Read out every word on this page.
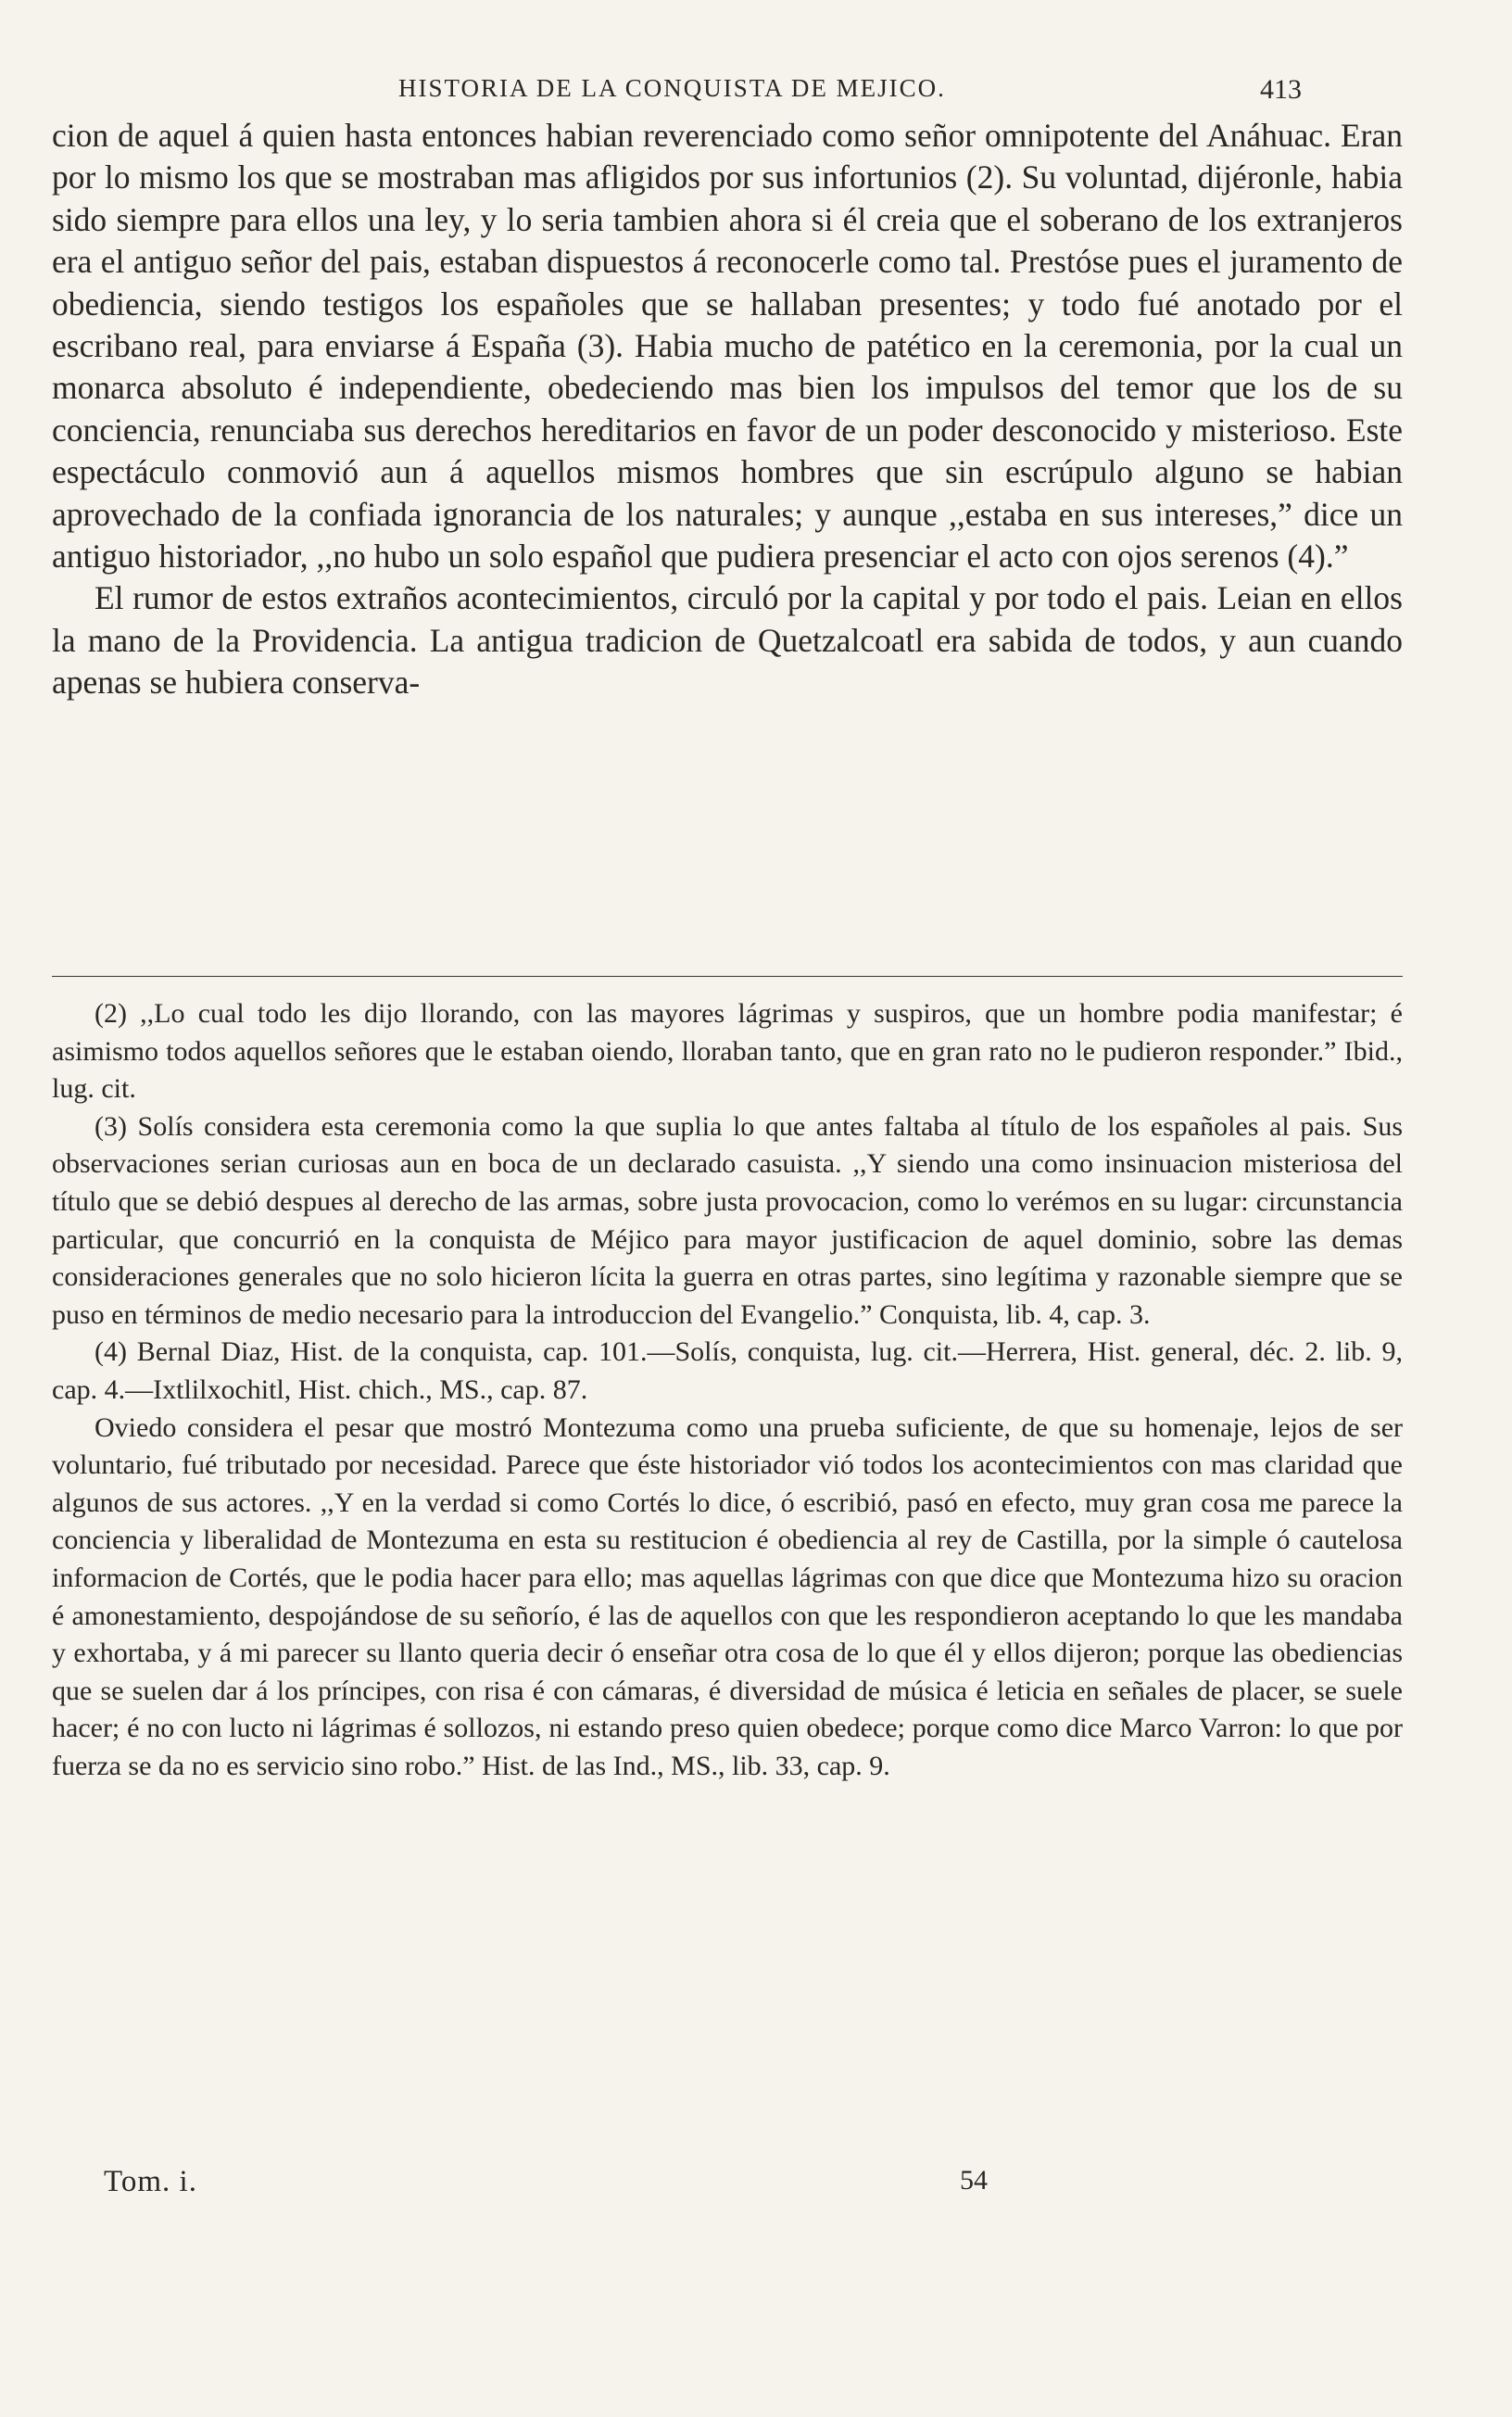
HISTORIA DE LA CONQUISTA DE MEJICO.	413

cion de aquel á quien hasta entonces habian reverenciado como señor omnipotente del Anáhuac. Eran por lo mismo los que se mostraban mas afligidos por sus infortunios (2). Su voluntad, dijéronle, habia sido siempre para ellos una ley, y lo seria tambien ahora si él creia que el soberano de los extranjeros era el antiguo señor del pais, estaban dispuestos á reconocerle como tal. Prestóse pues el juramento de obediencia, siendo testigos los españoles que se hallaban presentes; y todo fué anotado por el escribano real, para enviarse á España (3). Habia mucho de patético en la ceremonia, por la cual un monarca absoluto é independiente, obedeciendo mas bien los impulsos del temor que los de su conciencia, renunciaba sus derechos hereditarios en favor de un poder desconocido y misterioso. Este espectáculo conmovió aun á aquellos mismos hombres que sin escrúpulo alguno se habian aprovechado de la confiada ignorancia de los naturales; y aunque ,,estaba en sus intereses,” dice un antiguo historiador, ,,no hubo un solo español que pudiera presenciar el acto con ojos serenos (4).”

El rumor de estos extraños acontecimientos, circuló por la capital y por todo el pais. Leian en ellos la mano de la Providencia. La antigua tradicion de Quetzalcoatl era sabida de todos, y aun cuando apenas se hubiera conserva-

(2) ,,Lo cual todo les dijo llorando, con las mayores lágrimas y suspiros, que un hombre podia manifestar; é asimismo todos aquellos señores que le estaban oiendo, lloraban tanto, que en gran rato no le pudieron responder.” Ibid., lug. cit.

(3) Solís considera esta ceremonia como la que suplia lo que antes faltaba al título de los españoles al pais. Sus observaciones serian curiosas aun en boca de un declarado casuista. ,,Y siendo una como insinuacion misteriosa del título que se debió despues al derecho de las armas, sobre justa provocacion, como lo verémos en su lugar: circunstancia particular, que concurrió en la conquista de Méjico para mayor justificacion de aquel dominio, sobre las demas consideraciones generales que no solo hicieron lícita la guerra en otras partes, sino legítima y razonable siempre que se puso en términos de medio necesario para la introduccion del Evangelio.” Conquista, lib. 4, cap. 3.

(4) Bernal Diaz, Hist. de la conquista, cap. 101.—Solís, conquista, lug. cit.—Herrera, Hist. general, déc. 2. lib. 9, cap. 4.—Ixtlilxochitl, Hist. chich., MS., cap. 87.

Oviedo considera el pesar que mostró Montezuma como una prueba suficiente, de que su homenaje, lejos de ser voluntario, fué tributado por necesidad. Parece que éste historiador vió todos los acontecimientos con mas claridad que algunos de sus actores. ,,Y en la verdad si como Cortés lo dice, ó escribió, pasó en efecto, muy gran cosa me parece la conciencia y liberalidad de Montezuma en esta su restitucion é obediencia al rey de Castilla, por la simple ó cautelosa informacion de Cortés, que le podia hacer para ello; mas aquellas lágrimas con que dice que Montezuma hizo su oracion é amonestamiento, despojándose de su señorío, é las de aquellos con que les respondieron aceptando lo que les mandaba y exhortaba, y á mi parecer su llanto queria decir ó enseñar otra cosa de lo que él y ellos dijeron; porque las obediencias que se suelen dar á los príncipes, con risa é con cámaras, é diversidad de música é leticia en señales de placer, se suele hacer; é no con lucto ni lágrimas é sollozos, ni estando preso quien obedece; porque como dice Marco Varron: lo que por fuerza se da no es servicio sino robo.” Hist. de las Ind., MS., lib. 33, cap. 9.

Tom. i.	54
